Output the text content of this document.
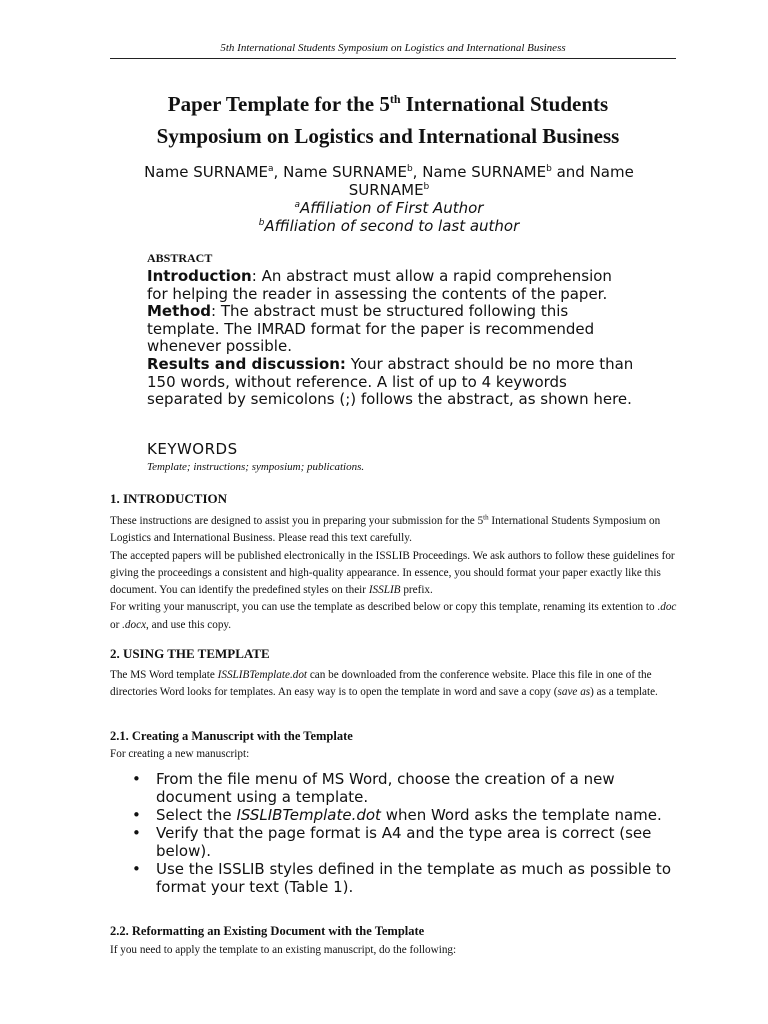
5th International Students Symposium on Logistics and International Business
Paper Template for the 5th International Students
Symposium on Logistics and International Business
Name SURNAME$^a$, Name SURNAME$^b$, Name SURNAME$^b$ and Name SURNAME$^b$
$^a$Affiliation of First Author
$^b$Affiliation of second to last author
ABSTRACT

Introduction: An abstract must allow a rapid comprehension for helping the reader in assessing the contents of the paper.

Method: The abstract must be structured following this template. The IMRAD format for the paper is recommended whenever possible.

Results and discussion: Your abstract should be no more than 150 words, without reference. A list of up to 4 keywords separated by semicolons (;) follows the abstract, as shown here.

KEYWORDS
Template; instructions; symposium; publications.
1. INTRODUCTION

These instructions are designed to assist you in preparing your submission for the 5th International Students Symposium on Logistics and International Business. Please read this text carefully.

The accepted papers will be published electronically in the ISSLIB Proceedings. We ask authors to follow these guidelines for giving the proceedings a consistent and high-quality appearance. In essence, you should format your paper exactly like this document. You can identify the predefined styles on their ISSLIB prefix.

For writing your manuscript, you can use the template as described below or copy this template, renaming its extention to .doc or .docx, and use this copy.

2. USING THE TEMPLATE

The MS Word template ISSLIBTemplate.dot can be downloaded from the conference website. Place this file in one of the directories Word looks for templates. An easy way is to open the template in word and save a copy (save as) as a template.

2.1. Creating a Manuscript with the Template
For creating a new manuscript:
• From the file menu of MS Word, choose the creation of a new document using a template.
• Select the ISSLIBTemplate.dot when Word asks the template name.
• Verify that the page format is A4 and the type area is correct (see below).
• Use the ISSLIB styles defined in the template as much as possible to format your text (Table 1).
2.2. Reformatting an Existing Document with the Template
If you need to apply the template to an existing manuscript, do the following:
